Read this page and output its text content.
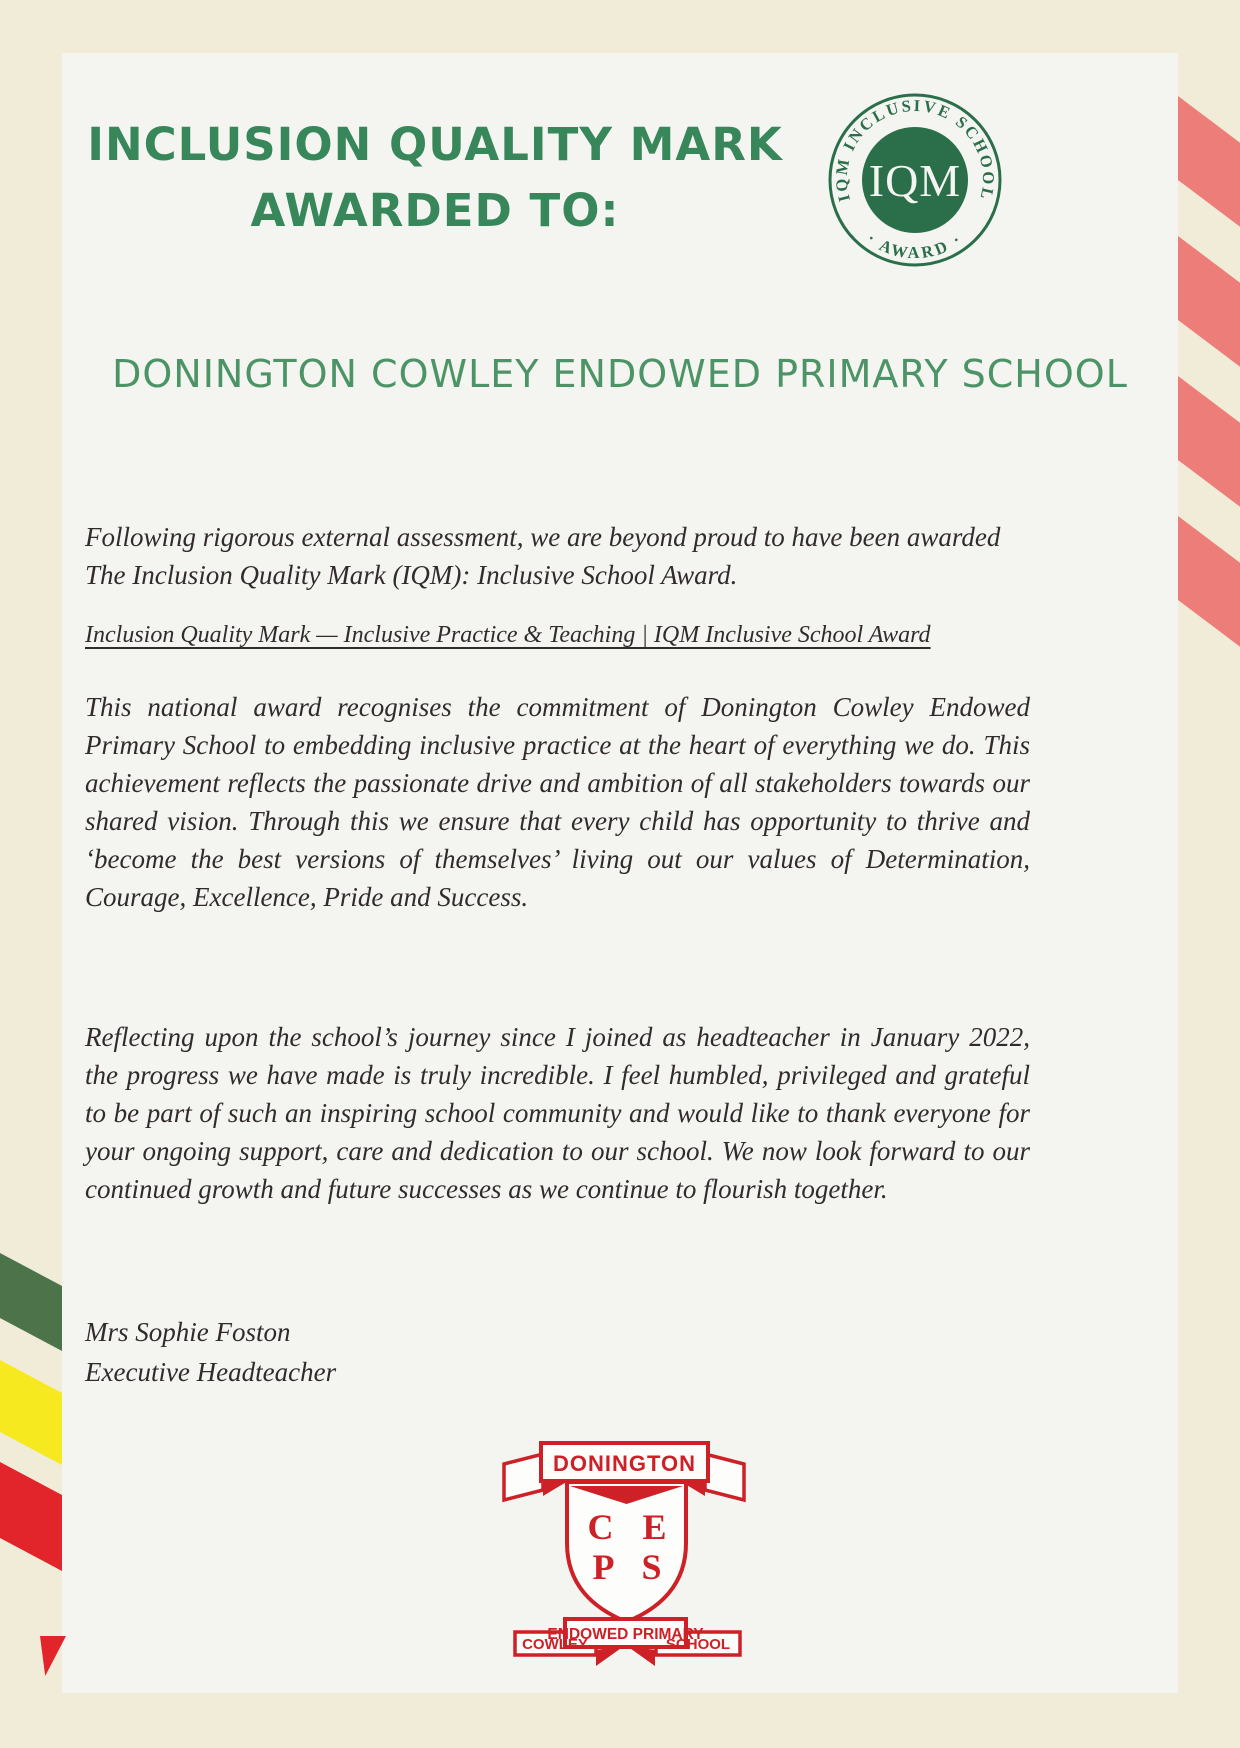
INCLUSION QUALITY MARK
AWARDED TO:	IQM INCLUSIVE SCHOOL
· AWARD ·
IQM
DONINGTON COWLEY ENDOWED PRIMARY SCHOOL

Following rigorous external assessment, we are beyond proud to have been awarded The Inclusion Quality Mark (IQM): Inclusive School Award.

Inclusion Quality Mark — Inclusive Practice & Teaching | IQM Inclusive School Award

This national award recognises the commitment of Donington Cowley Endowed Primary School to embedding inclusive practice at the heart of everything we do. This achievement reflects the passionate drive and ambition of all stakeholders towards our shared vision. Through this we ensure that every child has opportunity to thrive and ‘become the best versions of themselves’ living out our values of Determination, Courage, Excellence, Pride and Success.

Reflecting upon the school’s journey since I joined as headteacher in January 2022, the progress we have made is truly incredible. I feel humbled, privileged and grateful to be part of such an inspiring school community and would like to thank everyone for your ongoing support, care and dedication to our school. We now look forward to our continued growth and future successes as we continue to flourish together.

Mrs Sophie Foston
Executive Headteacher
DONINGTON
C E
P S
COWLEY
ENDOWED PRIMARY
SCHOOL
